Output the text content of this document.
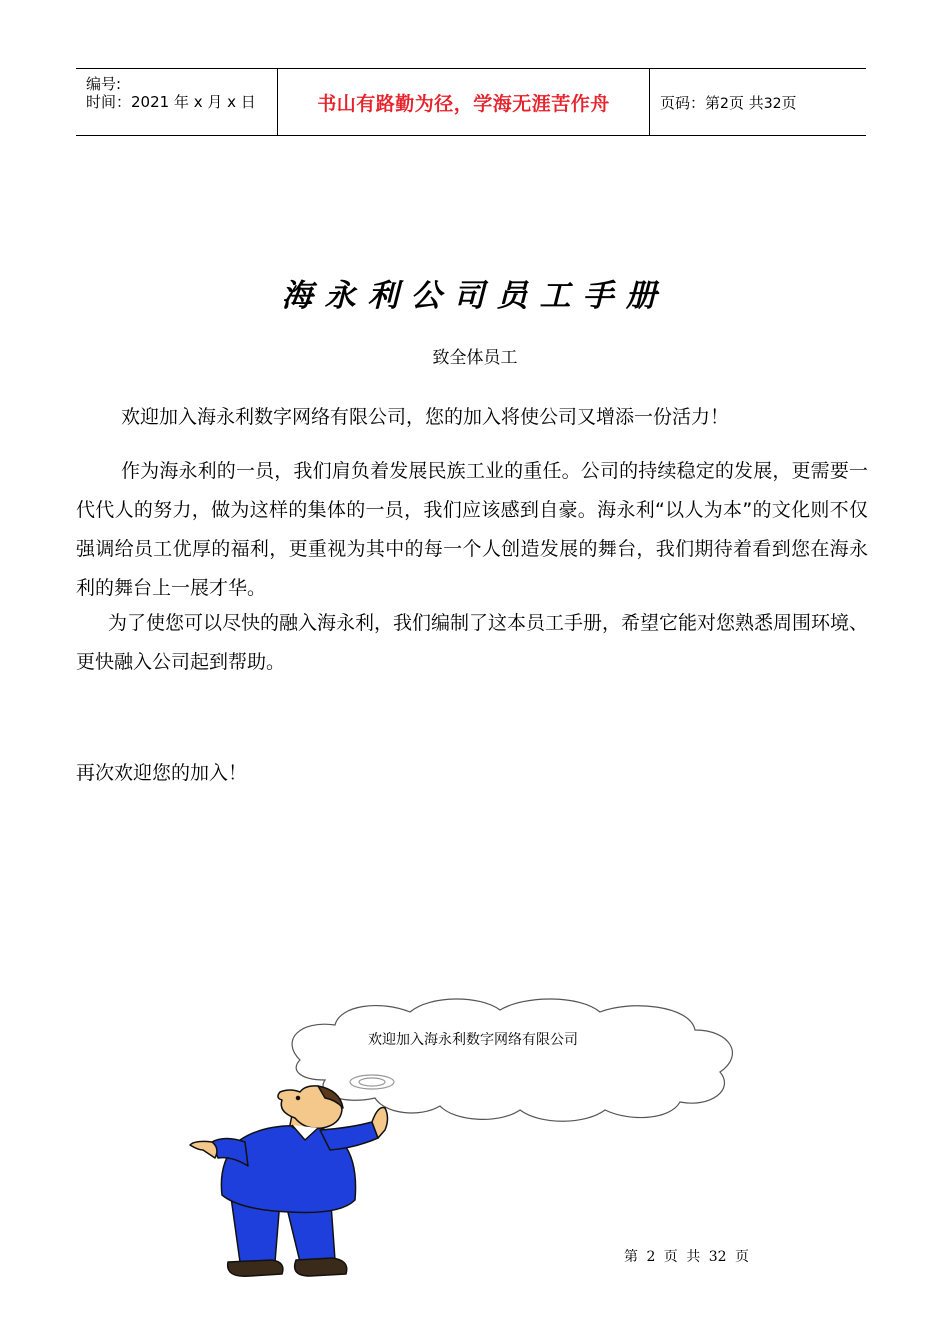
编号:
时间：2021 年 x 月 x 日	书山有路勤为径，学海无涯苦作舟	页码：第2页 共32页
海永利公司员工手册
致全体员工
欢迎加入海永利数字网络有限公司，您的加入将使公司又增添一份活力！
作为海永利的一员，我们肩负着发展民族工业的重任。公司的持续稳定的发展，更需要一代代人的努力，做为这样的集体的一员，我们应该感到自豪。海永利“以人为本”的文化则不仅强调给员工优厚的福利，更重视为其中的每一个人创造发展的舞台，我们期待着看到您在海永利的舞台上一展才华。
为了使您可以尽快的融入海永利，我们编制了这本员工手册，希望它能对您熟悉周围环境、更快融入公司起到帮助。
再次欢迎您的加入！
欢迎加入海永利数字网络有限公司
第 2 页 共 32 页
